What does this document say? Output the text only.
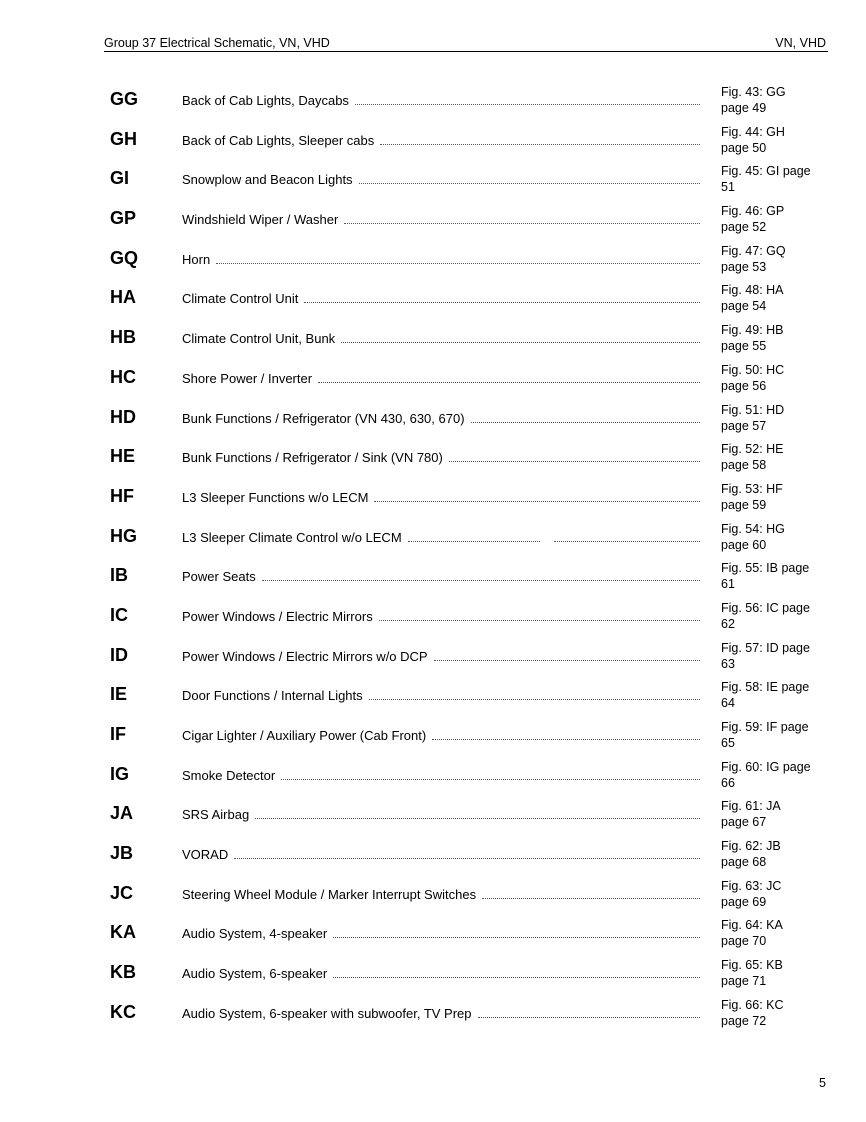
Group 37 Electrical Schematic, VN, VHD	VN, VHD
GG	Back of Cab Lights, Daycabs
Fig. 43: GG
page 49
GH	Back of Cab Lights, Sleeper cabs
Fig. 44: GH
page 50
GI	Snowplow and Beacon Lights
Fig. 45: GI page
51
GP	Windshield Wiper / Washer
Fig. 46: GP
page 52
GQ	Horn
Fig. 47: GQ
page 53
HA	Climate Control Unit
Fig. 48: HA
page 54
HB	Climate Control Unit, Bunk
Fig. 49: HB
page 55
HC	Shore Power / Inverter
Fig. 50: HC
page 56
HD	Bunk Functions / Refrigerator (VN 430, 630, 670)
Fig. 51: HD
page 57
HE	Bunk Functions / Refrigerator / Sink (VN 780)
Fig. 52: HE
page 58
HF	L3 Sleeper Functions w/o LECM
Fig. 53: HF
page 59
HG	L3 Sleeper Climate Control w/o LECM
Fig. 54: HG
page 60
IB	Power Seats
Fig. 55: IB page
61
IC	Power Windows / Electric Mirrors
Fig. 56: IC page
62
ID	Power Windows / Electric Mirrors w/o DCP
Fig. 57: ID page
63
IE	Door Functions / Internal Lights
Fig. 58: IE page
64
IF	Cigar Lighter / Auxiliary Power (Cab Front)
Fig. 59: IF page
65
IG	Smoke Detector
Fig. 60: IG page
66
JA	SRS Airbag
Fig. 61: JA
page 67
JB	VORAD
Fig. 62: JB
page 68
JC	Steering Wheel Module / Marker Interrupt Switches
Fig. 63: JC
page 69
KA	Audio System, 4-speaker
Fig. 64: KA
page 70
KB	Audio System, 6-speaker
Fig. 65: KB
page 71
KC	Audio System, 6-speaker with subwoofer, TV Prep
Fig. 66: KC
page 72
5
